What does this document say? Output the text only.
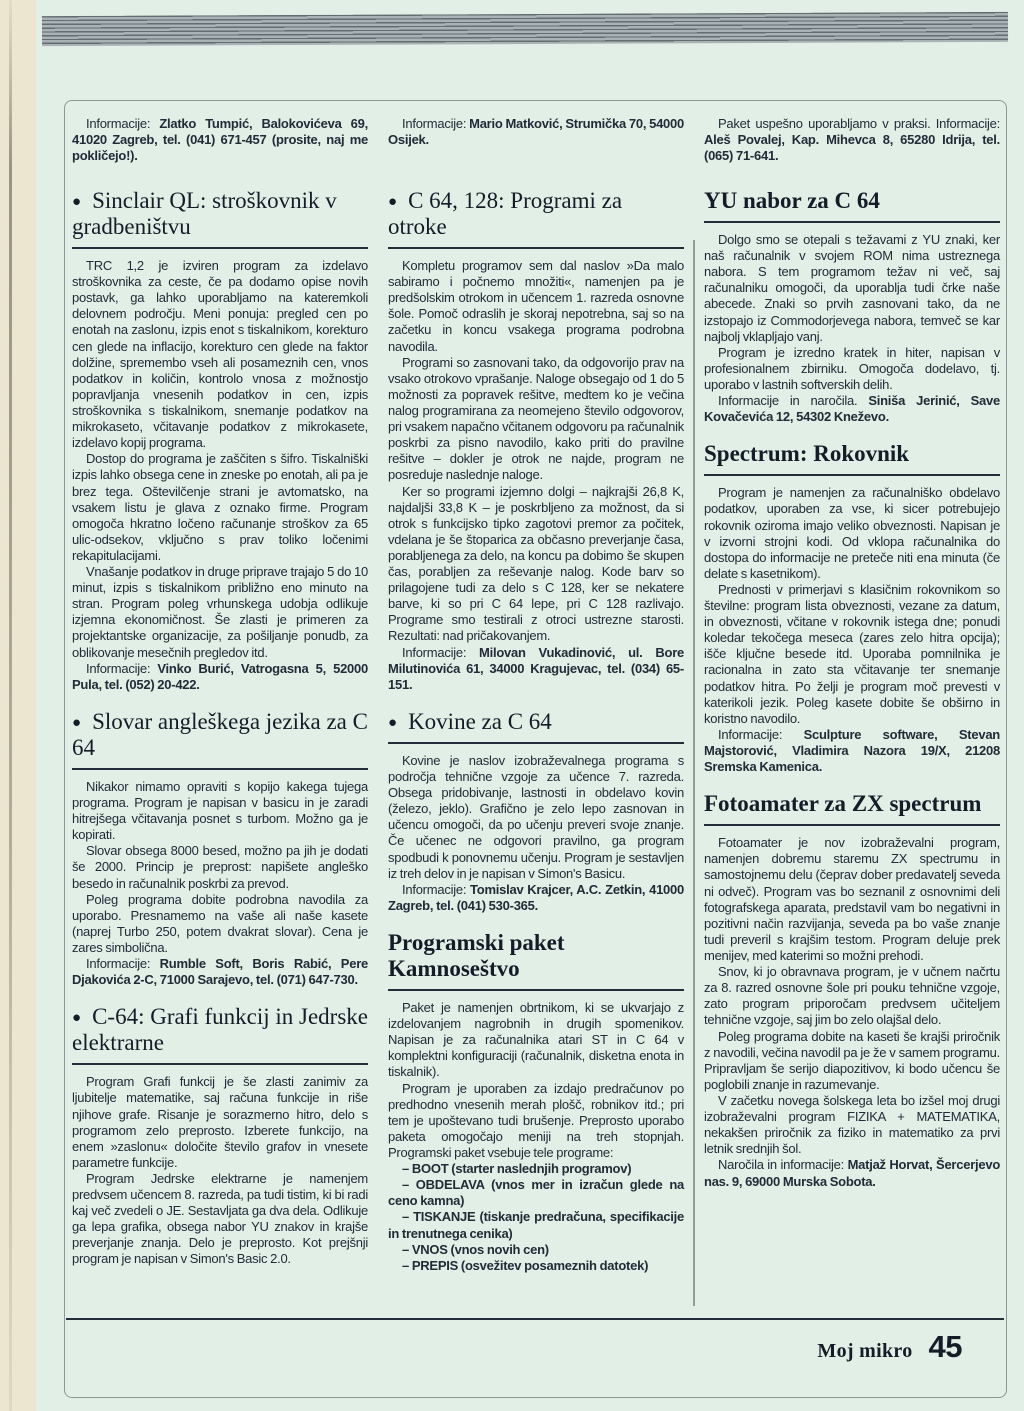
Informacije: Zlatko Tumpić, Balokovićeva 69, 41020 Zagreb, tel. (041) 671-457 (prosite, naj me pokličejo!).

● Sinclair QL: stroškovnik v gradbeništvu

TRC 1,2 je izviren program za izdelavo stroškovnika za ceste, če pa dodamo opise novih postavk, ga lahko uporabljamo na kateremkoli delovnem področju. Meni ponuja: pregled cen po enotah na zaslonu, izpis enot s tiskalnikom, korekturo cen glede na inflacijo, korekturo cen glede na faktor dolžine, spremembo vseh ali posameznih cen, vnos podatkov in količin, kontrolo vnosa z možnostjo popravljanja vnesenih podatkov in cen, izpis stroškovnika s tiskalnikom, snemanje podatkov na mikrokaseto, včitavanje podatkov z mikrokasete, izdelavo kopij programa.

Dostop do programa je zaščiten s šifro. Tiskalniški izpis lahko obsega cene in zneske po enotah, ali pa je brez tega. Oštevilčenje strani je avtomatsko, na vsakem listu je glava z oznako firme. Program omogoča hkratno ločeno računanje stroškov za 65 ulic-odsekov, vključno s prav toliko ločenimi rekapitulacijami.

Vnašanje podatkov in druge priprave trajajo 5 do 10 minut, izpis s tiskalnikom približno eno minuto na stran. Program poleg vrhunskega udobja odlikuje izjemna ekonomičnost. Še zlasti je primeren za projektantske organizacije, za pošiljanje ponudb, za oblikovanje mesečnih pregledov itd.

Informacije: Vinko Burić, Vatrogasna 5, 52000 Pula, tel. (052) 20-422.

● Slovar angleškega jezika za C 64

Nikakor nimamo opraviti s kopijo kakega tujega programa. Program je napisan v basicu in je zaradi hitrejšega včitavanja posnet s turbom. Možno ga je kopirati.

Slovar obsega 8000 besed, možno pa jih je dodati še 2000. Princip je preprost: napišete angleško besedo in računalnik poskrbi za prevod.

Poleg programa dobite podrobna navodila za uporabo. Presnamemo na vaše ali naše kasete (naprej Turbo 250, potem dvakrat slovar). Cena je zares simbolična.

Informacije: Rumble Soft, Boris Rabić, Pere Djakovića 2-C, 71000 Sarajevo, tel. (071) 647-730.

● C-64: Grafi funkcij in Jedrske elektrarne

Program Grafi funkcij je še zlasti zanimiv za ljubitelje matematike, saj računa funkcije in riše njihove grafe. Risanje je sorazmerno hitro, delo s programom zelo preprosto. Izberete funkcijo, na enem »zaslonu« določite število grafov in vnesete parametre funkcije.

Program Jedrske elektrarne je namenjem predvsem učencem 8. razreda, pa tudi tistim, ki bi radi kaj več zvedeli o JE. Sestavljata ga dva dela. Odlikuje ga lepa grafika, obsega nabor YU znakov in krajše preverjanje znanja. Delo je preprosto. Kot prejšnji program je napisan v Simon's Basic 2.0.

Informacije: Mario Matković, Strumička 70, 54000 Osijek.

● C 64, 128: Programi za otroke

Kompletu programov sem dal naslov »Da malo sabiramo i počnemo množiti«, namenjen pa je predšolskim otrokom in učencem 1. razreda osnovne šole. Pomoč odraslih je skoraj nepotrebna, saj so na začetku in koncu vsakega programa podrobna navodila.

Programi so zasnovani tako, da odgovorijo prav na vsako otrokovo vprašanje. Naloge obsegajo od 1 do 5 možnosti za popravek rešitve, medtem ko je večina nalog programirana za neomejeno število odgovorov, pri vsakem napačno včitanem odgovoru pa računalnik poskrbi za pisno navodilo, kako priti do pravilne rešitve – dokler je otrok ne najde, program ne posreduje naslednje naloge.

Ker so programi izjemno dolgi – najkrajši 26,8 K, najdaljši 33,8 K – je poskrbljeno za možnost, da si otrok s funkcijsko tipko zagotovi premor za počitek, vdelana je še štoparica za občasno preverjanje časa, porabljenega za delo, na koncu pa dobimo še skupen čas, porabljen za reševanje nalog. Kode barv so prilagojene tudi za delo s C 128, ker se nekatere barve, ki so pri C 64 lepe, pri C 128 razlivajo. Programe smo testirali z otroci ustrezne starosti. Rezultati: nad pričakovanjem.

Informacije: Milovan Vukadinović, ul. Bore Milutinovića 61, 34000 Kragujevac, tel. (034) 65-151.

● Kovine za C 64

Kovine je naslov izobraževalnega programa s področja tehnične vzgoje za učence 7. razreda. Obsega pridobivanje, lastnosti in obdelavo kovin (železo, jeklo). Grafično je zelo lepo zasnovan in učencu omogoči, da po učenju preveri svoje znanje. Če učenec ne odgovori pravilno, ga program spodbudi k ponovnemu učenju. Program je sestavljen iz treh delov in je napisan v Simon's Basicu.

Informacije: Tomislav Krajcer, A.C. Zetkin, 41000 Zagreb, tel. (041) 530-365.

Programski paket Kamnoseštvo

Paket je namenjen obrtnikom, ki se ukvarjajo z izdelovanjem nagrobnih in drugih spomenikov. Napisan je za računalnika atari ST in C 64 v komplektni konfiguraciji (računalnik, disketna enota in tiskalnik).

Program je uporaben za izdajo predračunov po predhodno vnesenih merah plošč, robnikov itd.; pri tem je upoštevano tudi brušenje. Preprosto uporabo paketa omogočajo meniji na treh stopnjah. Programski paket vsebuje tele programe:

– BOOT (starter naslednjih programov)

– OBDELAVA (vnos mer in izračun glede na ceno kamna)

– TISKANJE (tiskanje predračuna, specifikacije in trenutnega cenika)

– VNOS (vnos novih cen)

– PREPIS (osvežitev posameznih datotek)

Paket uspešno uporabljamo v praksi. Informacije: Aleš Povalej, Kap. Mihevca 8, 65280 Idrija, tel. (065) 71-641.

YU nabor za C 64

Dolgo smo se otepali s težavami z YU znaki, ker naš računalnik v svojem ROM nima ustreznega nabora. S tem programom težav ni več, saj računalniku omogoči, da uporablja tudi črke naše abecede. Znaki so prvih zasnovani tako, da ne izstopajo iz Commodorjevega nabora, temveč se kar najbolj vklapljajo vanj.

Program je izredno kratek in hiter, napisan v profesionalnem zbirniku. Omogoča dodelavo, tj. uporabo v lastnih softverskih delih.

Informacije in naročila. Siniša Jerinić, Save Kovačevića 12, 54302 Kneževo.

Spectrum: Rokovnik

Program je namenjen za računalniško obdelavo podatkov, uporaben za vse, ki sicer potrebujejo rokovnik oziroma imajo veliko obveznosti. Napisan je v izvorni strojni kodi. Od vklopa računalnika do dostopa do informacije ne preteče niti ena minuta (če delate s kasetnikom).

Prednosti v primerjavi s klasičnim rokovnikom so številne: program lista obveznosti, vezane za datum, in obveznosti, včitane v rokovnik istega dne; ponudi koledar tekočega meseca (zares zelo hitra opcija); išče ključne besede itd. Uporaba pomnilnika je racionalna in zato sta včitavanje ter snemanje podatkov hitra. Po želji je program moč prevesti v katerikoli jezik. Poleg kasete dobite še obširno in koristno navodilo.

Informacije: Sculpture software, Stevan Majstorović, Vladimira Nazora 19/X, 21208 Sremska Kamenica.

Fotoamater za ZX spectrum

Fotoamater je nov izobraževalni program, namenjen dobremu staremu ZX spectrumu in samostojnemu delu (čeprav dober predavatelj seveda ni odveč). Program vas bo seznanil z osnovnimi deli fotografskega aparata, predstavil vam bo negativni in pozitivni način razvijanja, seveda pa bo vaše znanje tudi preveril s krajšim testom. Program deluje prek menijev, med katerimi so možni prehodi.

Snov, ki jo obravnava program, je v učnem načrtu za 8. razred osnovne šole pri pouku tehnične vzgoje, zato program priporočam predvsem učiteljem tehnične vzgoje, saj jim bo zelo olajšal delo.

Poleg programa dobite na kaseti še krajši priročnik z navodili, večina navodil pa je že v samem programu. Pripravljam še serijo diapozitivov, ki bodo učencu še poglobili znanje in razumevanje.

V začetku novega šolskega leta bo izšel moj drugi izobraževalni program FIZIKA + MATEMATIKA, nekakšen priročnik za fiziko in matematiko za prvi letnik srednjih šol.

Naročila in informacije: Matjaž Horvat, Šercerjevo nas. 9, 69000 Murska Sobota.

Moj mikro 45
